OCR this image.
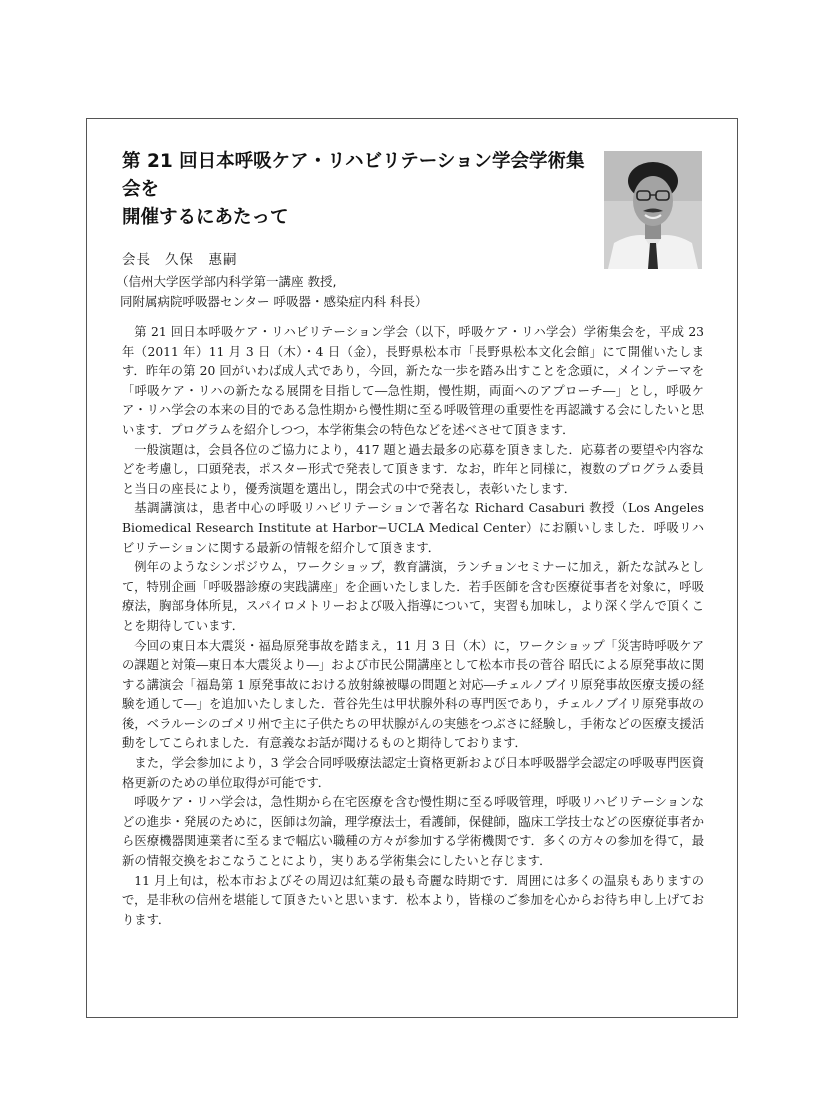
第 21 回日本呼吸ケア・リハビリテーション学会学術集会を
開催するにあたって
会長 久保　惠嗣
（信州大学医学部内科学第一講座 教授,
同附属病院呼吸器センター 呼吸器・感染症内科 科長）

第 21 回日本呼吸ケア・リハビリテーション学会（以下，呼吸ケア・リハ学会）学術集会を，平成 23 年（2011 年）11 月 3 日（木）・4 日（金），長野県松本市「長野県松本文化会館」にて開催いたします．昨年の第 20 回がいわば成人式であり，今回，新たな一歩を踏み出すことを念頭に，メインテーマを「呼吸ケア・リハの新たなる展開を目指して―急性期，慢性期，両面へのアプローチ―」とし，呼吸ケア・リハ学会の本来の目的である急性期から慢性期に至る呼吸管理の重要性を再認識する会にしたいと思います．プログラムを紹介しつつ，本学術集会の特色などを述べさせて頂きます．

一般演題は，会員各位のご協力により，417 題と過去最多の応募を頂きました．応募者の要望や内容などを考慮し，口頭発表，ポスター形式で発表して頂きます．なお，昨年と同様に，複数のプログラム委員と当日の座長により，優秀演題を選出し，閉会式の中で発表し，表彰いたします．

基調講演は，患者中心の呼吸リハビリテーションで著名な Richard Casaburi 教授（Los Angeles Biomedical Research Institute at Harbor−UCLA Medical Center）にお願いしました．呼吸リハビリテーションに関する最新の情報を紹介して頂きます．

例年のようなシンポジウム，ワークショップ，教育講演，ランチョンセミナーに加え，新たな試みとして，特別企画「呼吸器診療の実践講座」を企画いたしました．若手医師を含む医療従事者を対象に，呼吸療法，胸部身体所見，スパイロメトリーおよび吸入指導について，実習も加味し，より深く学んで頂くことを期待しています．

今回の東日本大震災・福島原発事故を踏まえ，11 月 3 日（木）に，ワークショップ「災害時呼吸ケアの課題と対策―東日本大震災より―」および市民公開講座として松本市長の菅谷 昭氏による原発事故に関する講演会「福島第 1 原発事故における放射線被曝の問題と対応―チェルノブイリ原発事故医療支援の経験を通して―」を追加いたしました．菅谷先生は甲状腺外科の専門医であり，チェルノブイリ原発事故の後，ベラルーシのゴメリ州で主に子供たちの甲状腺がんの実態をつぶさに経験し，手術などの医療支援活動をしてこられました．有意義なお話が聞けるものと期待しております．

また，学会参加により，3 学会合同呼吸療法認定士資格更新および日本呼吸器学会認定の呼吸専門医資格更新のための単位取得が可能です．

呼吸ケア・リハ学会は，急性期から在宅医療を含む慢性期に至る呼吸管理，呼吸リハビリテーションなどの進歩・発展のために，医師は勿論，理学療法士，看護師，保健師，臨床工学技士などの医療従事者から医療機器関連業者に至るまで幅広い職種の方々が参加する学術機関です．多くの方々の参加を得て，最新の情報交換をおこなうことにより，実りある学術集会にしたいと存じます．

11 月上旬は，松本市およびその周辺は紅葉の最も奇麗な時期です．周囲には多くの温泉もありますので，是非秋の信州を堪能して頂きたいと思います．松本より，皆様のご参加を心からお待ち申し上げております．
